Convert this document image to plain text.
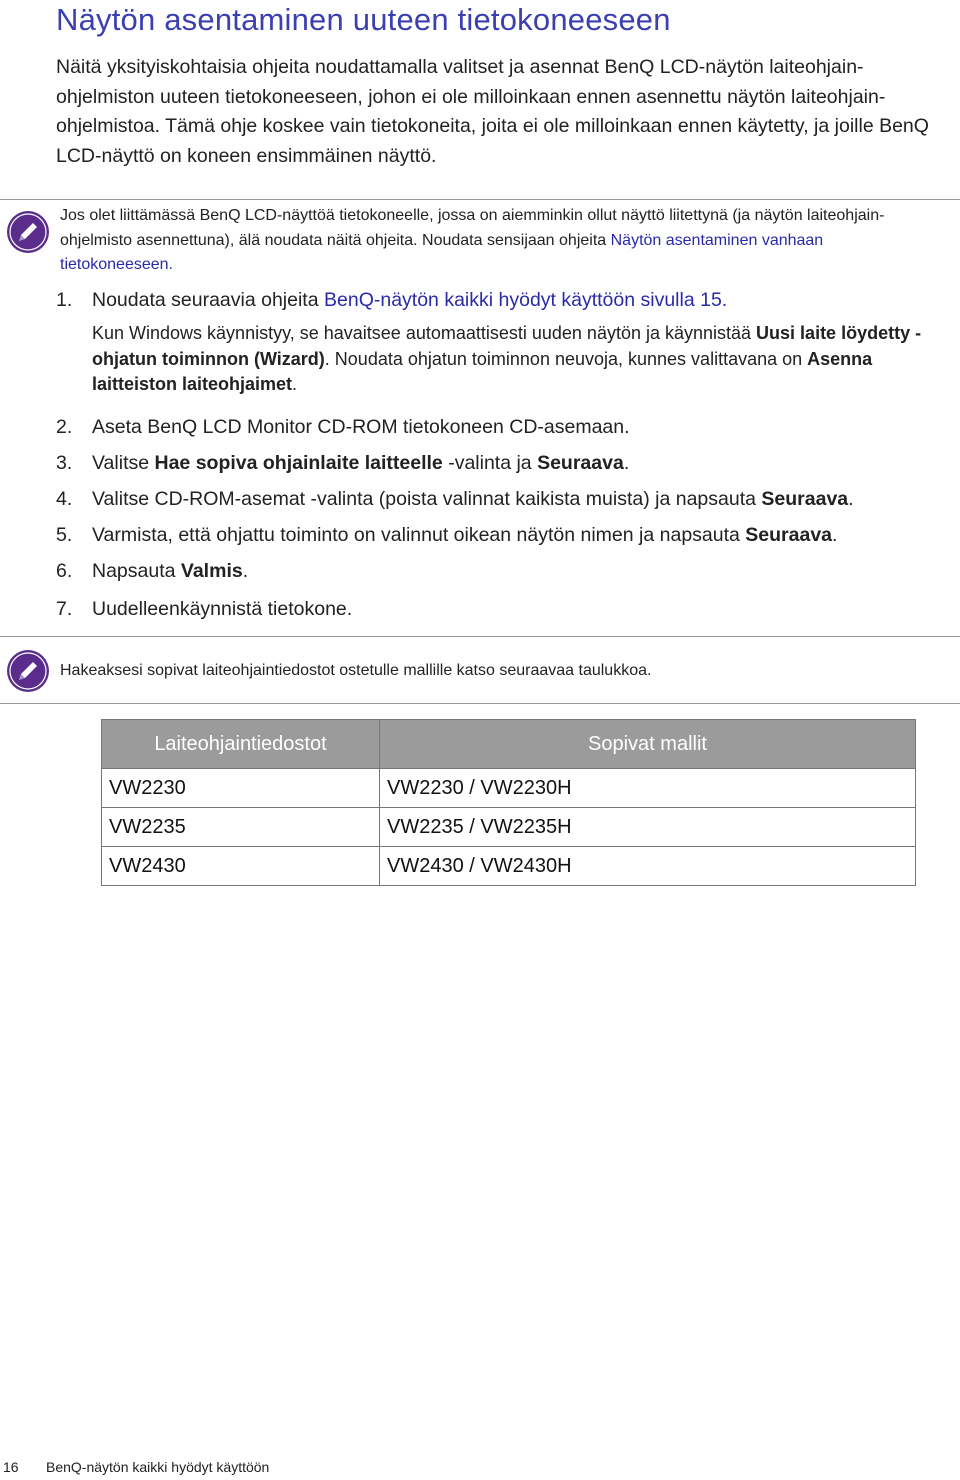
Näytön asentaminen uuteen tietokoneeseen

Näitä yksityiskohtaisia ohjeita noudattamalla valitset ja asennat BenQ LCD-näytön laiteohjain-ohjelmiston uuteen tietokoneeseen, johon ei ole milloinkaan ennen asennettu näytön laiteohjain-ohjelmistoa. Tämä ohje koskee vain tietokoneita, joita ei ole milloinkaan ennen käytetty, ja joille BenQ LCD-näyttö on koneen ensimmäinen näyttö.

Jos olet liittämässä BenQ LCD-näyttöä tietokoneelle, jossa on aiemminkin ollut näyttö liitettynä (ja näytön laiteohjain-ohjelmisto asennettuna), älä noudata näitä ohjeita. Noudata sensijaan ohjeita Näytön asentaminen vanhaan tietokoneeseen.

1.	Noudata seuraavia ohjeita BenQ-näytön kaikki hyödyt käyttöön sivulla 15.
Kun Windows käynnistyy, se havaitsee automaattisesti uuden näytön ja käynnistää Uusi laite löydetty -ohjatun toiminnon (Wizard). Noudata ohjatun toiminnon neuvoja, kunnes valittavana on Asenna laitteiston laiteohjaimet.
2.	Aseta BenQ LCD Monitor CD-ROM tietokoneen CD-asemaan.
3.	Valitse Hae sopiva ohjainlaite laitteelle -valinta ja Seuraava.
4.	Valitse CD-ROM-asemat -valinta (poista valinnat kaikista muista) ja napsauta Seuraava.
5.	Varmista, että ohjattu toiminto on valinnut oikean näytön nimen ja napsauta Seuraava.
6.	Napsauta Valmis.
7.	Uudelleenkäynnistä tietokone.

Hakeaksesi sopivat laiteohjaintiedostot ostetulle mallille katso seuraavaa taulukkoa.

Laiteohjaintiedostot	Sopivat mallit
VW2230	VW2230 / VW2230H
VW2235	VW2235 / VW2235H
VW2430	VW2430 / VW2430H
16 BenQ-näytön kaikki hyödyt käyttöön
